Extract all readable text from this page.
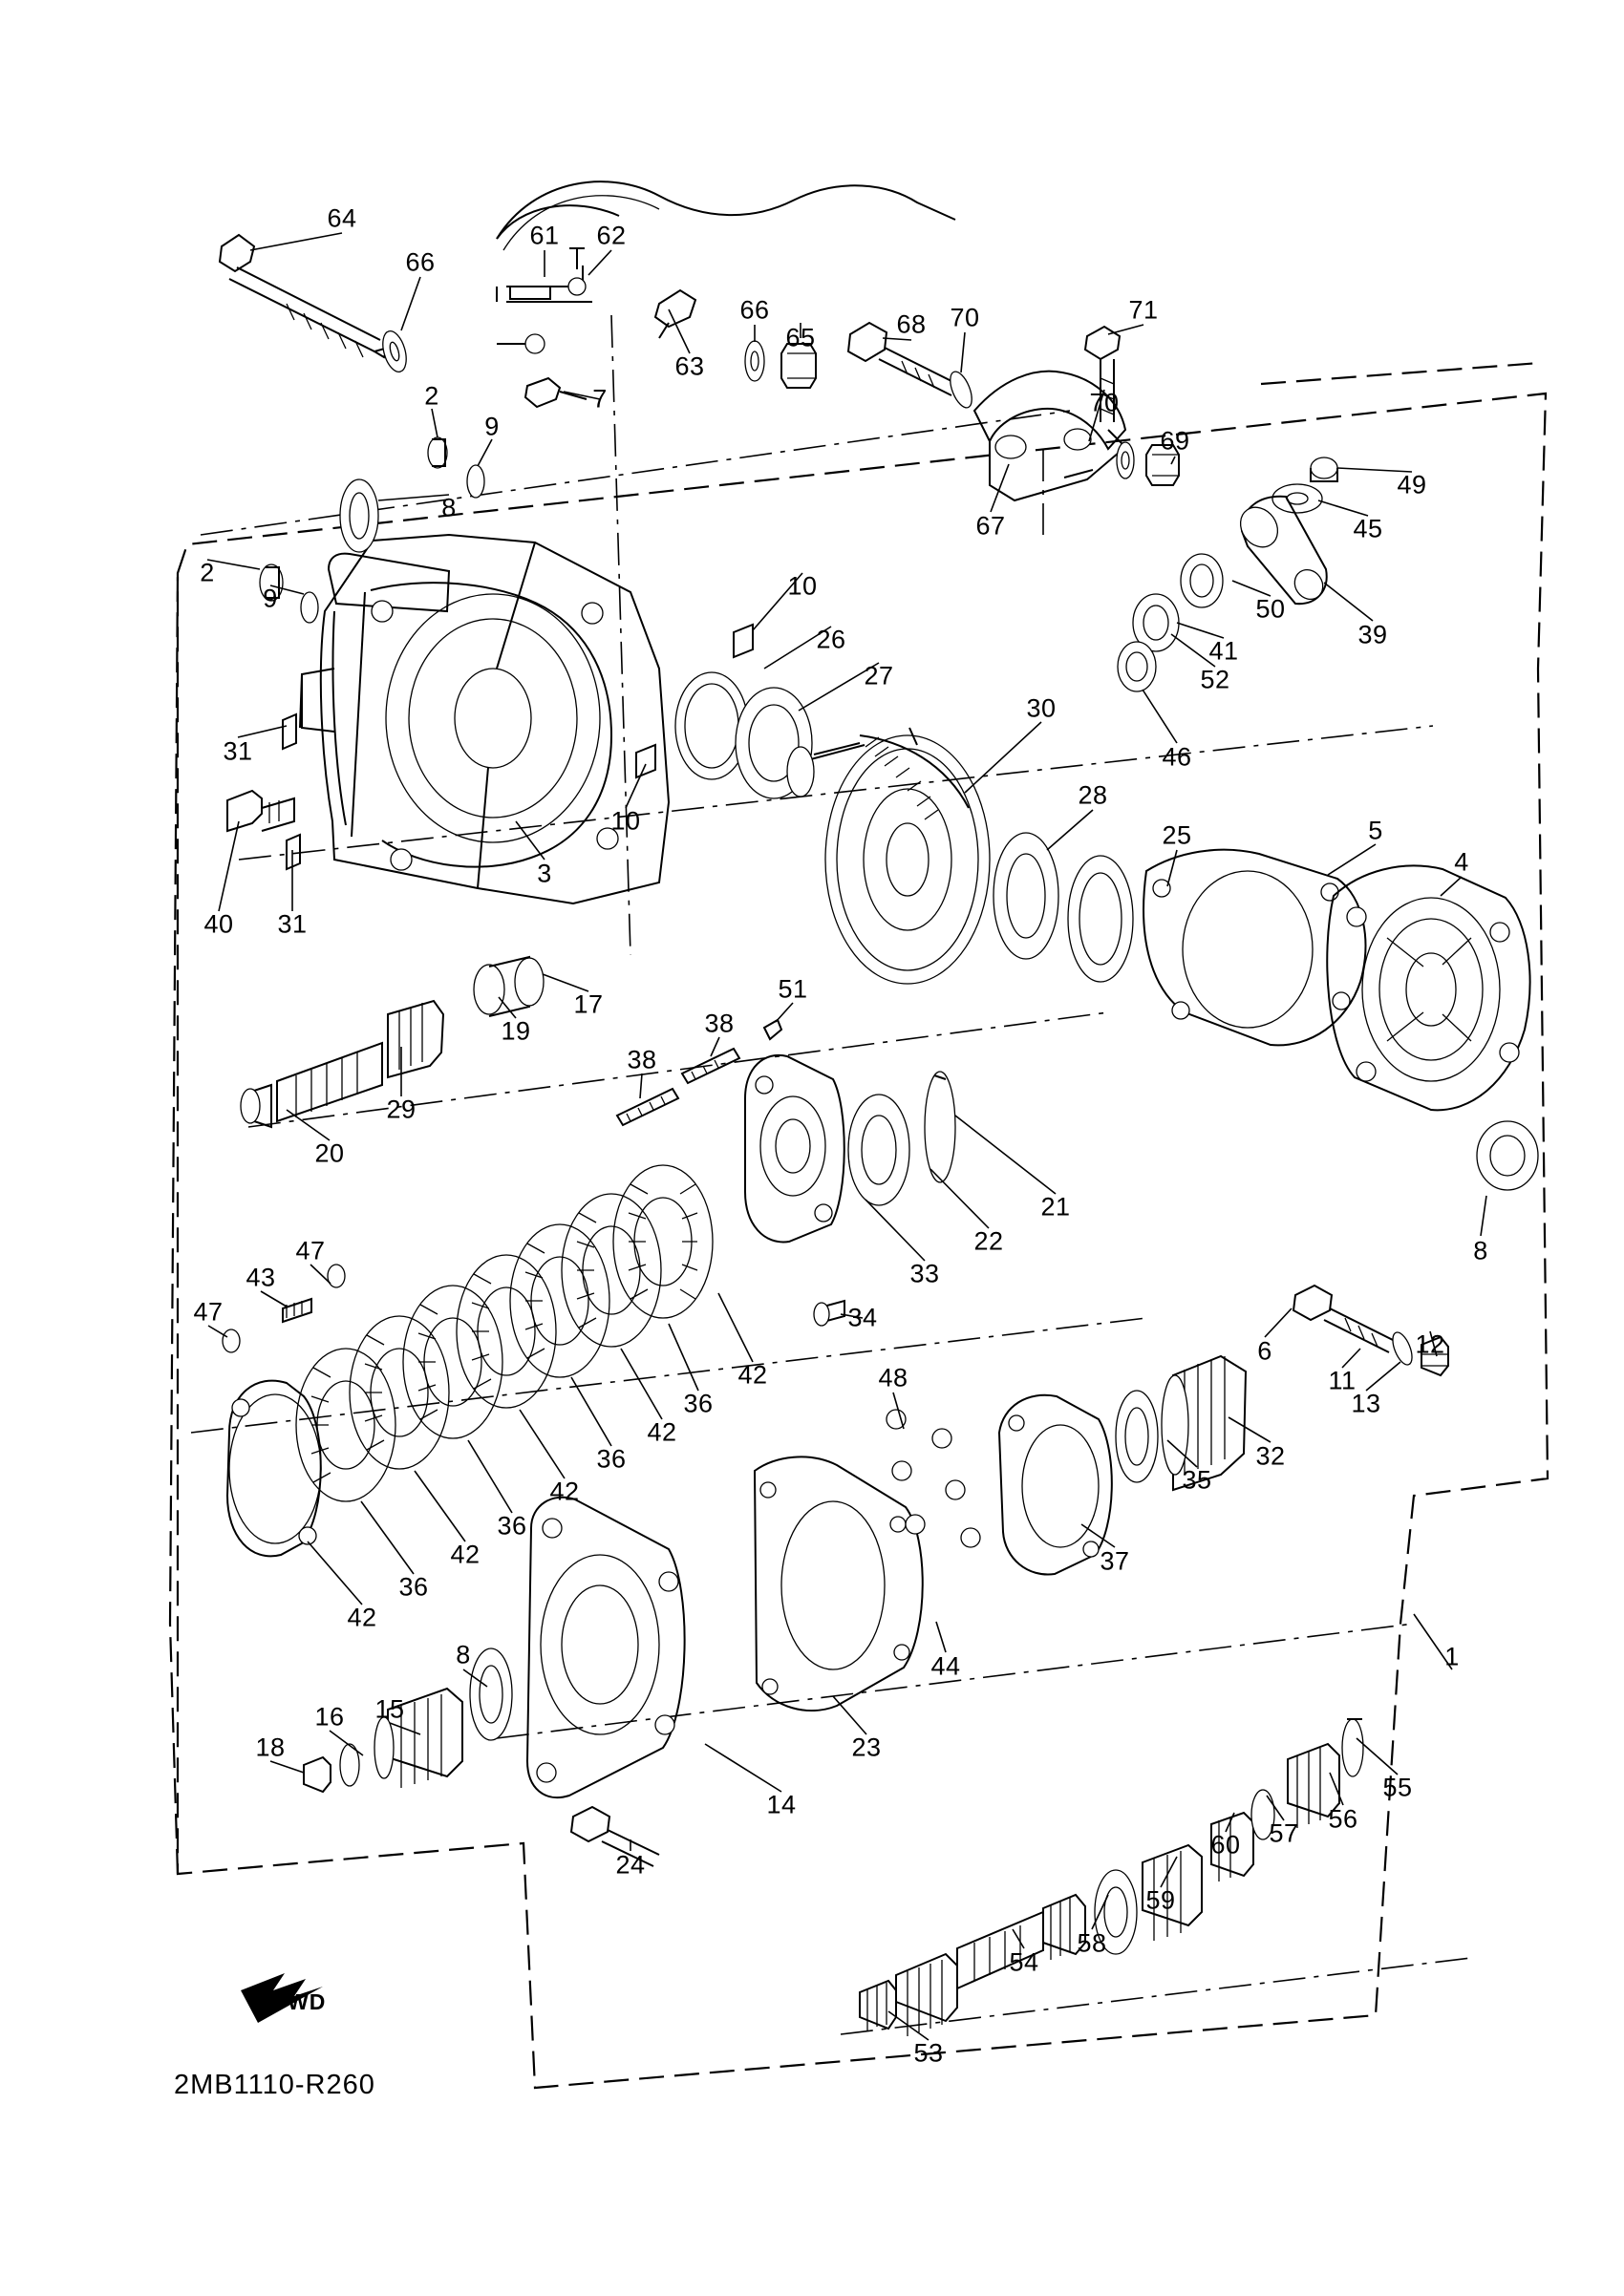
FWD
2MB1110-R260
64
61 62
66
66
65	68 70	71
63
70
69
67
49
45
39
50
41
52
46
2	7
9
8
2
9
31
10
26
27
30
28
25	5
4
10
3
40 31
17
19
51
38
38
29
20
21
22
33
34
47
43
47
8
6
11
12
13
32
48
35
37
42
36
42
36
42
36
42
36
42
23
44
14
8
15
16
18
24
55
56
57
60
59
58
54
53
1
